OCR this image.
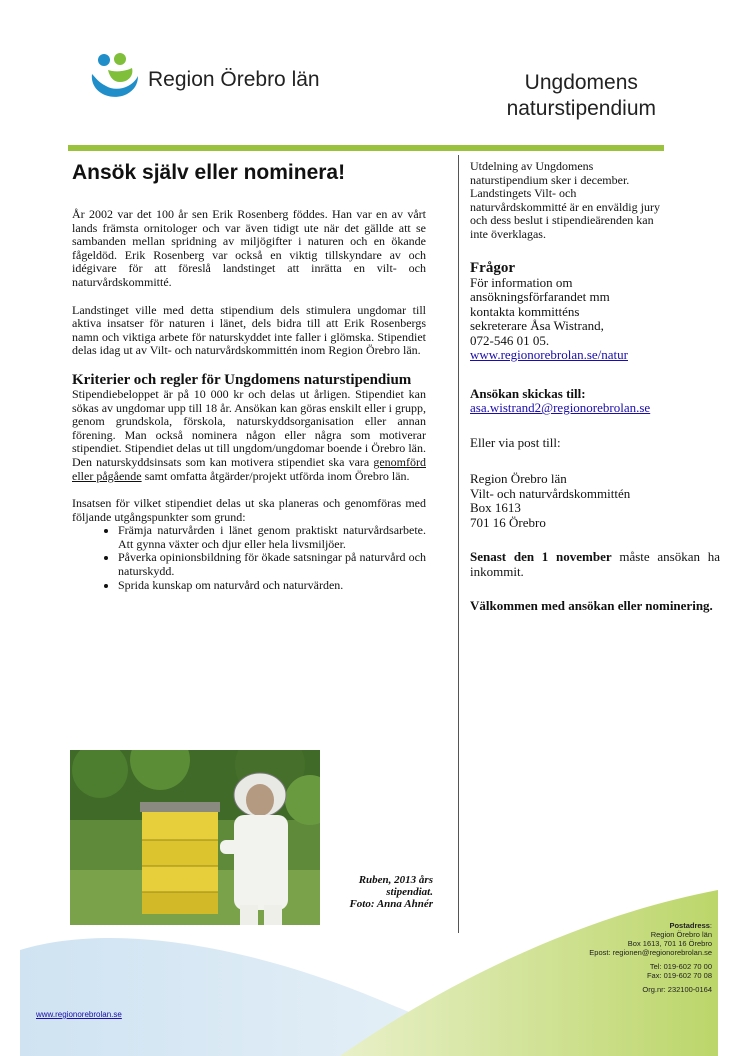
Region Örebro län	Ungdomens
naturstipendium
Ansök själv eller nominera!

År 2002 var det 100 år sen Erik Rosenberg föddes. Han var en av vårt lands främsta ornitologer och var även tidigt ute när det gällde att se sambanden mellan spridning av miljögifter i naturen och en ökande fågeldöd. Erik Rosenberg var också en viktig tillskyndare av och idégivare för att föreslå landstinget att inrätta en vilt- och naturvårdskommitté.

Landstinget ville med detta stipendium dels stimulera ungdomar till aktiva insatser för naturen i länet, dels bidra till att Erik Rosenbergs namn och viktiga arbete för naturskyddet inte faller i glömska. Stipendiet delas idag ut av Vilt- och naturvårdskommittén inom Region Örebro län.

Kriterier och regler för Ungdomens naturstipendium

Stipendiebeloppet är på 10 000 kr och delas ut årligen. Stipendiet kan sökas av ungdomar upp till 18 år. Ansökan kan göras enskilt eller i grupp, genom grundskola, förskola, naturskyddsorganisation eller annan förening. Man också nominera någon eller några som motiverar stipendiet. Stipendiet delas ut till ungdom/ungdomar boende i Örebro län. Den naturskyddsinsats som kan motivera stipendiet ska vara genomförd eller pågående samt omfatta åtgärder/projekt utförda inom Örebro län.

Insatsen för vilket stipendiet delas ut ska planeras och genomföras med följande utgångspunkter som grund:

• Främja naturvården i länet genom praktiskt naturvårdsarbete. Att gynna växter och djur eller hela livsmiljöer.
• Påverka opinionsbildning för ökade satsningar på naturvård och naturskydd.
• Sprida kunskap om naturvård och naturvärden.
Ruben, 2013 års
stipendiat.
Foto: Anna Ahnér
Utdelning av Ungdomens naturstipendium sker i december. Landstingets Vilt- och naturvårdskommitté är en enväldig jury och dess beslut i stipendieärenden kan inte överklagas.
Frågor
För information om
ansökningsförfarandet mm
kontakta kommitténs
sekreterare Åsa Wistrand,
072-546 01 05.
www.regionorebrolan.se/natur
Ansökan skickas till:
asa.wistrand2@regionorebrolan.se
Eller via post till:
Region Örebro län
Vilt- och naturvårdskommittén
Box 1613
701 16 Örebro
Senast den 1 november måste ansökan ha inkommit.
Välkommen med ansökan eller nominering.
Postadress:
Region Örebro län
Box 1613, 701 16 Örebro
Epost: regionen@regionorebrolan.se
Tel: 019-602 70 00
Fax: 019-602 70 08
Org.nr: 232100-0164
www.regionorebrolan.se
